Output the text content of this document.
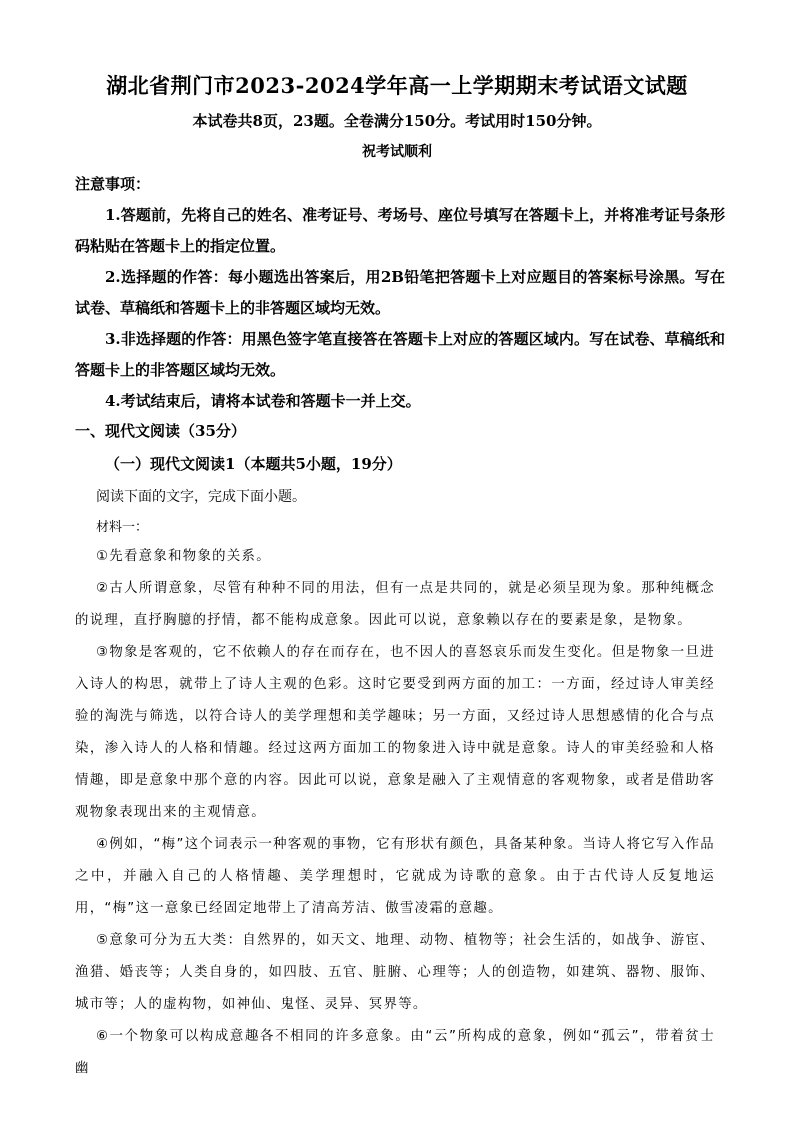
湖北省荆门市2023-2024学年高一上学期期末考试语文试题
本试卷共8页，23题。全卷满分150分。考试用时150分钟。
祝考试顺利
注意事项：

1.答题前，先将自己的姓名、准考证号、考场号、座位号填写在答题卡上，并将准考证号条形码粘贴在答题卡上的指定位置。

2.选择题的作答：每小题选出答案后，用2B铅笔把答题卡上对应题目的答案标号涂黑。写在试卷、草稿纸和答题卡上的非答题区域均无效。

3.非选择题的作答：用黑色签字笔直接答在答题卡上对应的答题区域内。写在试卷、草稿纸和答题卡上的非答题区域均无效。

4.考试结束后，请将本试卷和答题卡一并上交。

一、现代文阅读（35分）
（一）现代文阅读1（本题共5小题，19分）
阅读下面的文字，完成下面小题。
材料一：

①先看意象和物象的关系。

②古人所谓意象，尽管有种种不同的用法，但有一点是共同的，就是必须呈现为象。那种纯概念的说理，直抒胸臆的抒情，都不能构成意象。因此可以说，意象赖以存在的要素是象，是物象。

③物象是客观的，它不依赖人的存在而存在，也不因人的喜怒哀乐而发生变化。但是物象一旦进入诗人的构思，就带上了诗人主观的色彩。这时它要受到两方面的加工：一方面，经过诗人审美经验的淘洗与筛选，以符合诗人的美学理想和美学趣味；另一方面，又经过诗人思想感情的化合与点染，渗入诗人的人格和情趣。经过这两方面加工的物象进入诗中就是意象。诗人的审美经验和人格情趣，即是意象中那个意的内容。因此可以说，意象是融入了主观情意的客观物象，或者是借助客观物象表现出来的主观情意。

④例如，“梅”这个词表示一种客观的事物，它有形状有颜色，具备某种象。当诗人将它写入作品之中，并融入自己的人格情趣、美学理想时，它就成为诗歌的意象。由于古代诗人反复地运用，“梅”这一意象已经固定地带上了清高芳洁、傲雪凌霜的意趣。

⑤意象可分为五大类：自然界的，如天文、地理、动物、植物等；社会生活的，如战争、游宦、渔猎、婚丧等；人类自身的，如四肢、五官、脏腑、心理等；人的创造物，如建筑、器物、服饰、城市等；人的虚构物，如神仙、鬼怪、灵异、冥界等。

⑥一个物象可以构成意趣各不相同的许多意象。由“云”所构成的意象，例如“孤云”，带着贫士幽
